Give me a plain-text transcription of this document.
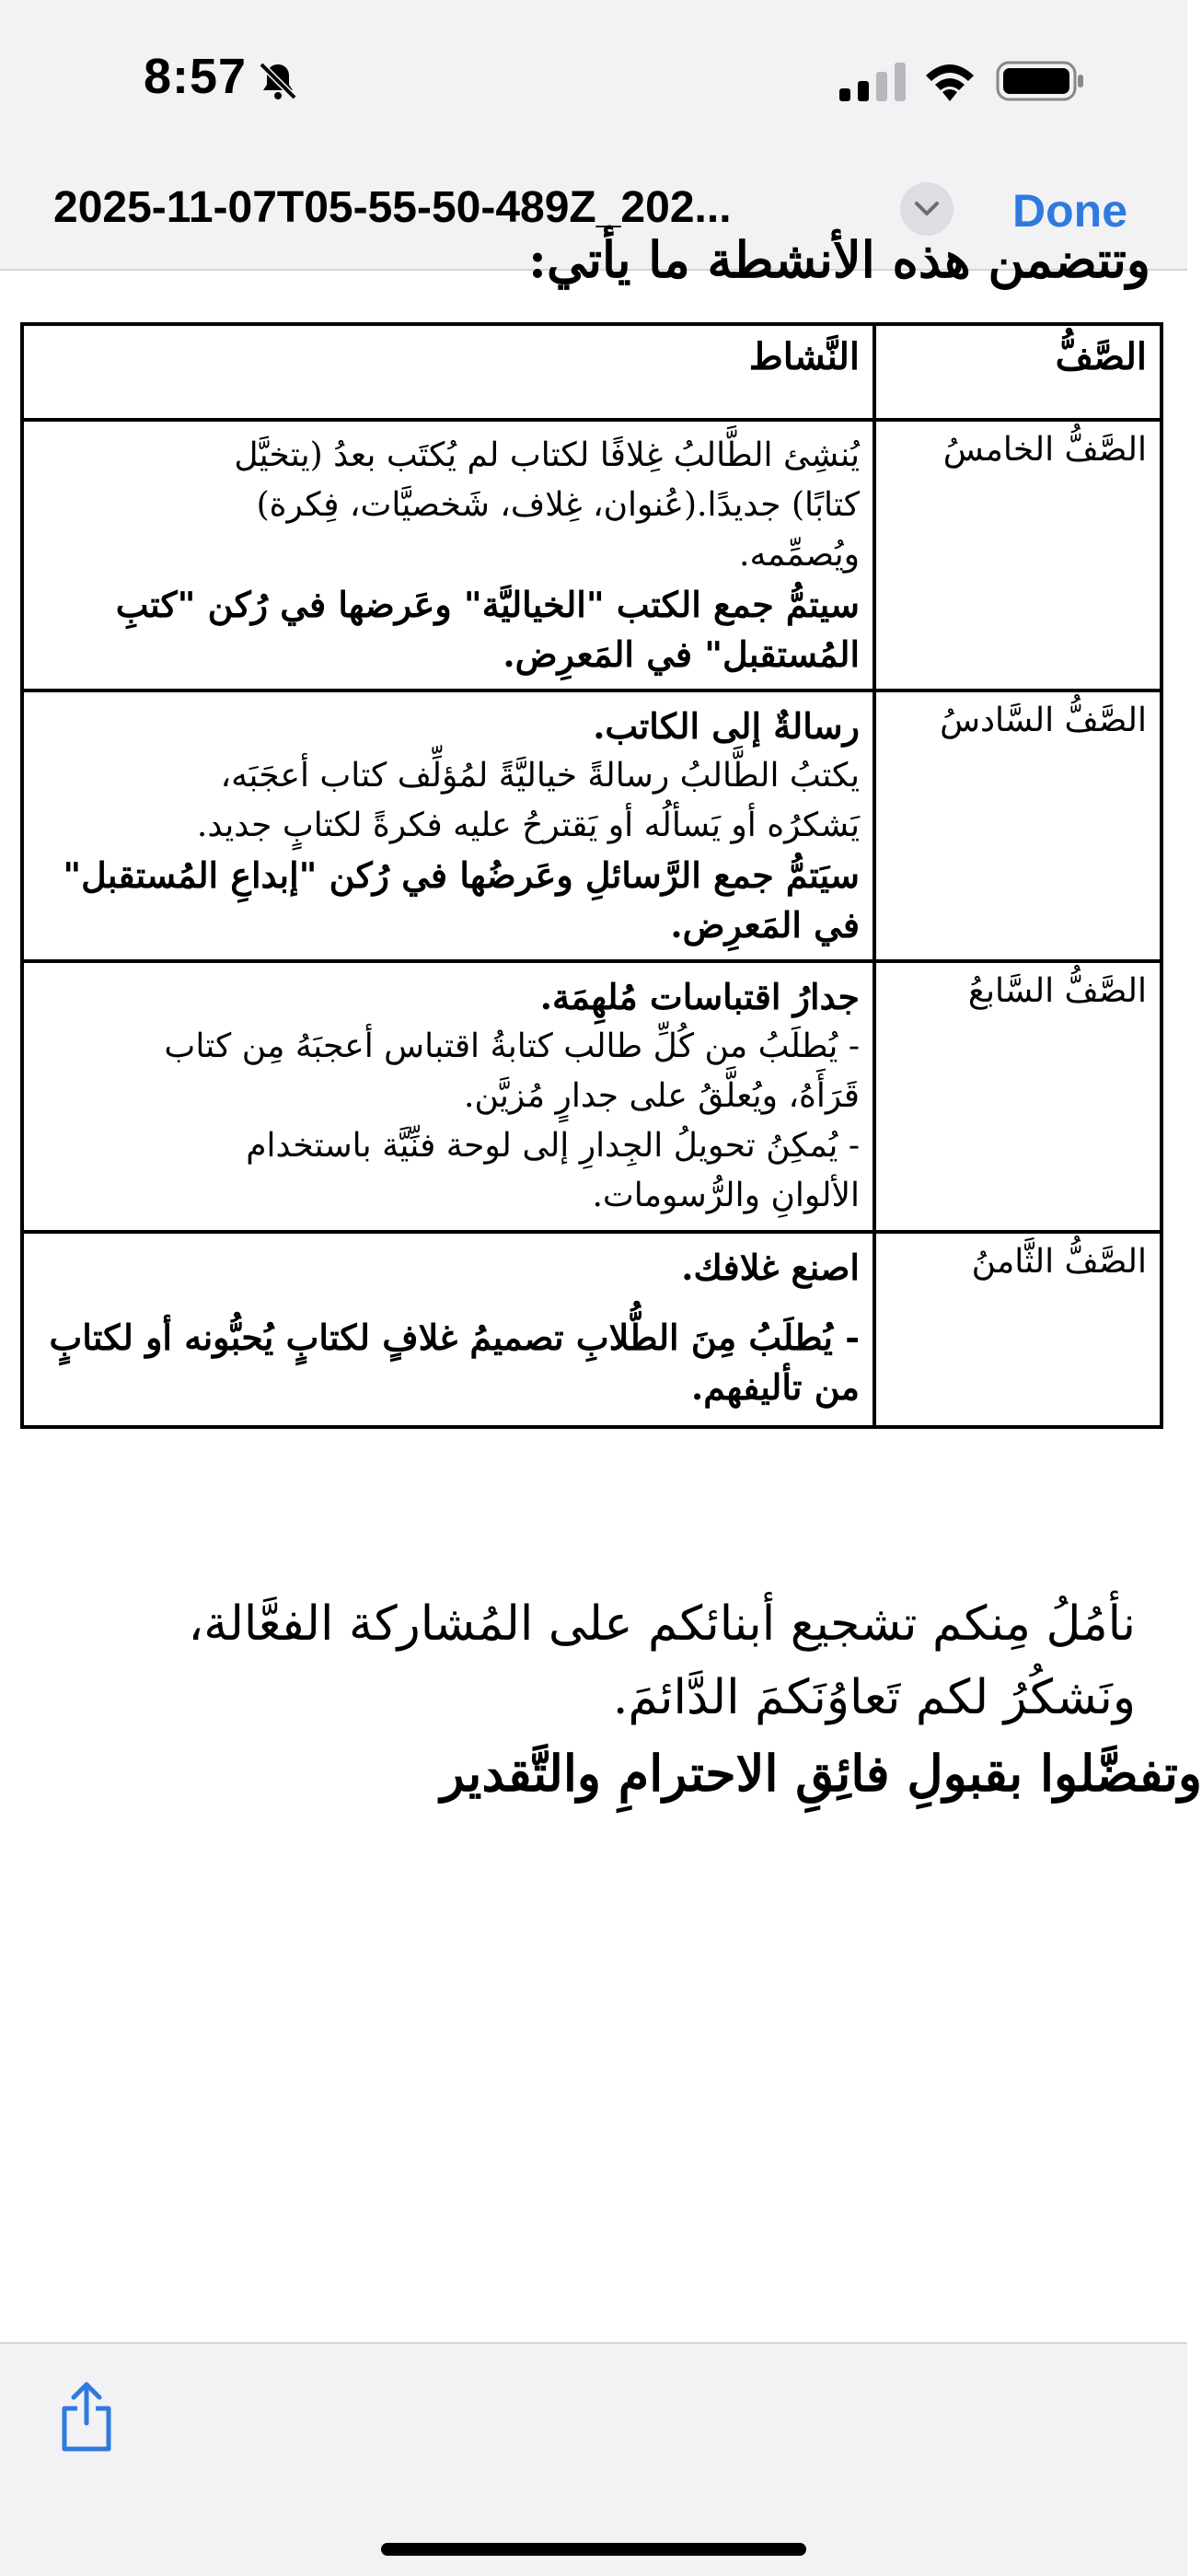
8:57
2025-11-07T05-55-50-489Z_202...	Done
وتتضمن هذه الأنشطة ما يأتي:
الصَّفُّ	النَّشاط
الصَّفُّ الخامسُ	يُنشِئ الطَّالبُ غِلافًا لكتاب لم يُكتَب بعدُ (يتخيَّل
كتابًا) جديدًا.(عُنوان، غِلاف، شَخصيَّات، فِكرة)
ويُصمِّمه.
سيتمُّ جمع الكتب "الخياليَّة" وعَرضها في رُكن "كتبِ المُستقبل" في المَعرِض.

الصَّفُّ السَّادسُ	رسالةٌ إلى الكاتب.
يكتبُ الطَّالبُ رسالةً خياليَّةً لمُؤلِّف كتاب أعجَبَه،
يَشكرُه أو يَسألُه أو يَقترحُ عليه فكرةً لكتابٍ جديد.
سيَتمُّ جمع الرَّسائلِ وعَرضُها في رُكن "إبداعِ المُستقبل" في المَعرِض.

الصَّفُّ السَّابعُ	جدارُ اقتباسات مُلهِمَة.
- يُطلَبُ من كُلِّ طالب كتابةُ اقتباس أعجبَهُ مِن كتاب
قَرَأَهُ، ويُعلَّقُ على جدارٍ مُزيَّن.
- يُمكِنُ تحويلُ الجِدارِ إلى لوحة فنِّيَّة باستخدام
الألوانِ والرُّسومات.

الصَّفُّ الثَّامنُ	اصنع غلافك.
- يُطلَبُ مِنَ الطُّلابِ تصميمُ غلافٍ لكتابٍ يُحبُّونه أو لكتابٍ من تأليفهم.
نأمُلُ مِنكم تشجيع أبنائكم على المُشاركة الفعَّالة،
ونَشكُرُ لكم تَعاوُنَكمَ الدَّائمَ.
وتفضَّلوا بقبولِ فائِقِ الاحترامِ والتَّقدير
